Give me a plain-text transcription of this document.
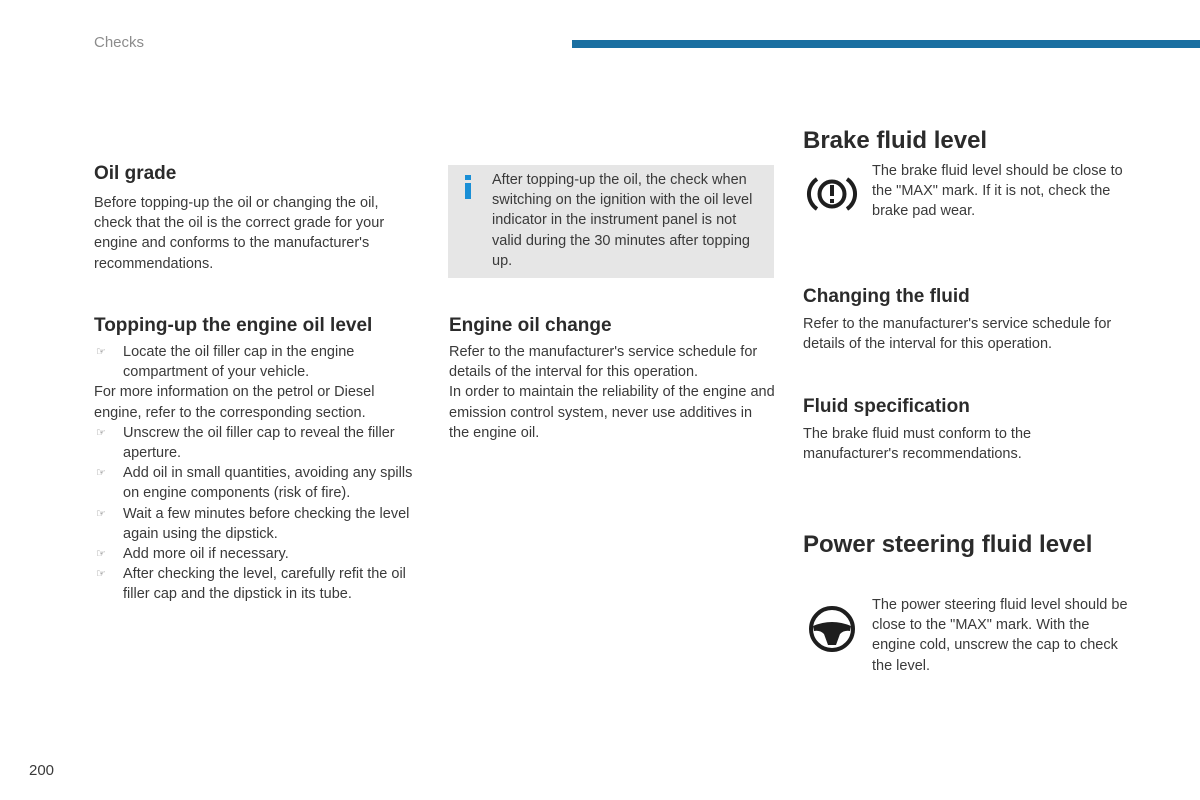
Checks
Oil grade

Before topping-up the oil or changing the oil, check that the oil is the correct grade for your engine and conforms to the manufacturer's recommendations.

Topping-up the engine oil level
☞ Locate the oil filler cap in the engine compartment of your vehicle.

For more information on the petrol or Diesel engine, refer to the corresponding section.

☞ Unscrew the oil filler cap to reveal the filler aperture.
☞ Add oil in small quantities, avoiding any spills on engine components (risk of fire).
☞ Wait a few minutes before checking the level again using the dipstick.
☞ Add more oil if necessary.
☞ After checking the level, carefully refit the oil filler cap and the dipstick in its tube.

After topping-up the oil, the check when switching on the ignition with the oil level indicator in the instrument panel is not valid during the 30 minutes after topping up.

Engine oil change

Refer to the manufacturer's service schedule for details of the interval for this operation.

In order to maintain the reliability of the engine and emission control system, never use additives in the engine oil.

Brake fluid level

The brake fluid level should be close to the "MAX" mark. If it is not, check the brake pad wear.

Changing the fluid

Refer to the manufacturer's service schedule for details of the interval for this operation.

Fluid specification

The brake fluid must conform to the manufacturer's recommendations.

Power steering fluid level

The power steering fluid level should be close to the "MAX" mark. With the engine cold, unscrew the cap to check the level.

200
